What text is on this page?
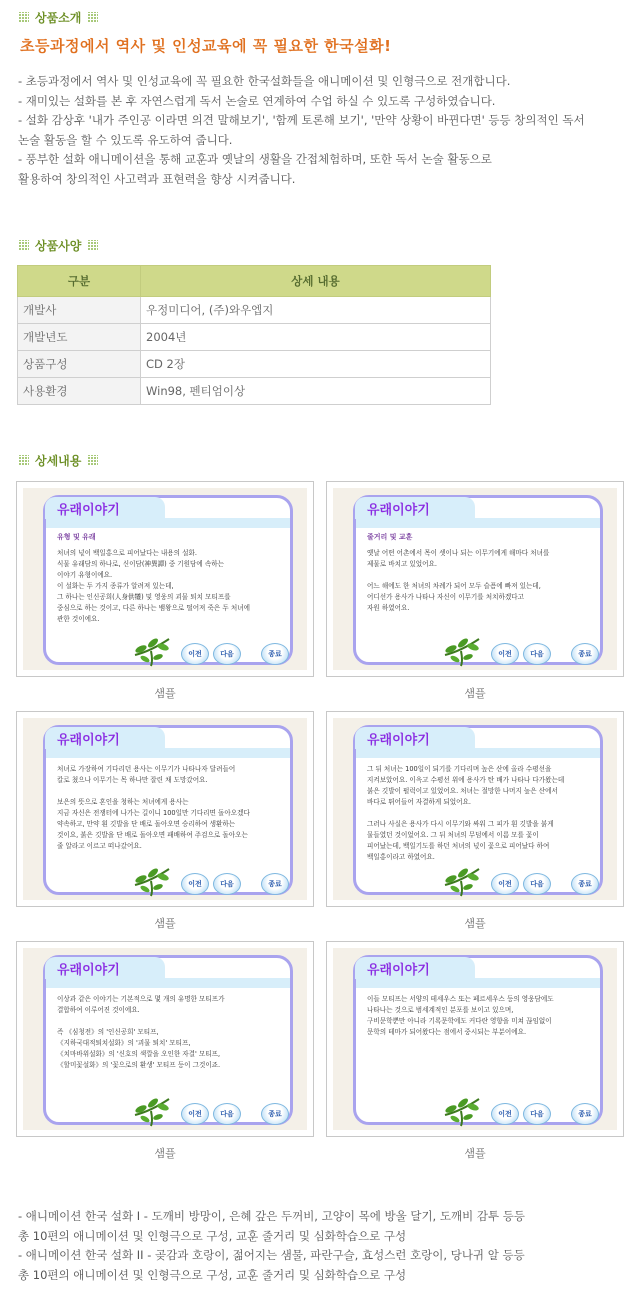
상품소개
초등과정에서 역사 및 인성교육에 꼭 필요한 한국설화!
- 초등과정에서 역사 및 인성교육에 꼭 필요한 한국설화들을 애니메이션 및 인형극으로 전개합니다.
- 재미있는 설화를 본 후 자연스럽게 독서 논술로 연계하여 수업 하실 수 있도록 구성하였습니다.
- 설화 감상후 '내가 주인공 이라면 의견 말해보기', '함께 토론해 보기', '만약 상황이 바뀐다면' 등등 창의적인 독서
논술 활동을 할 수 있도록 유도하여 줍니다.
- 풍부한 설화 애니메이션을 통해 교훈과 옛날의 생활을 간접체험하며, 또한 독서 논술 활동으로
활용하여 창의적인 사고력과 표현력을 향상 시켜줍니다.
상품사양
구분	상세 내용
개발사	우정미디어, (주)와우엡지
개발년도	2004년
상품구성	CD 2장
사용환경	Win98, 펜티엄이상
상세내용
유래이야기
유형 및 유래
처녀의 넋이 백일홍으로 피어났다는 내용의 설화.
식물 유래담의 하나로, 신이담(神異譚) 중 기원담에 속하는
이야기 유형이에요.
이 설화는 두 가지 종류가 알려져 있는데,
그 하나는 인신공희(人身供犧) 및 영웅의 괴물 퇴치 모티프를
중심으로 하는 것이고, 다른 하나는 뱀왕으로 떨어져 죽은 두 처녀에
관한 것이에요.
이전	다음	종료
샘플
유래이야기
줄거리 및 교훈
옛날 어떤 어촌에서 목이 셋이나 되는 이무기에게 해마다 처녀를
제물로 바치고 있었어요.

어느 해에도 한 처녀의 차례가 되어 모두 슬픔에 빠져 있는데,
어디선가 용사가 나타나 자신이 이무기를 처치하겠다고
자원 하였어요.
이전	다음	종료
샘플
유래이야기
처녀로 가장하여 기다리던 용사는 이무기가 나타나자 달려들어
칼로 쳤으나 이무기는 목 하나만 잘린 채 도망갔어요.

보은의 뜻으로 혼인을 청하는 처녀에게 용사는
지금 자신은 전쟁터에 나가는 길이니 100일만 기다리면 돌아오겠다
약속하고, 만약 흰 깃발을 단 배로 돌아오면 승리하여 생환하는
것이요, 붉은 깃발을 단 배로 돌아오면 패배하여 주검으로 돌아오는
줄 알라고 이르고 떠나갔어요.
이전	다음	종료
샘플
유래이야기
그 뒤 처녀는 100일이 되기를 기다리며 높은 산에 올라 수평선을
지켜보았어요. 이윽고 수평선 위에 용사가 탄 배가 나타나 다가왔는데
붉은 깃발이 펄럭이고 있었어요. 처녀는 절망한 나머지 높은 산에서
바다로 뛰어들어 자결하게 되었어요.

그러나 사실은 용사가 다시 이무기와 싸워 그 피가 흰 깃발을 붉게
물들였던 것이었어요. 그 뒤 처녀의 무덤에서 이름 모를 꽃이
피어났는데, 백일기도를 하던 처녀의 넋이 꽃으로 피어났다 하여
백일홍이라고 하였어요.
이전	다음	종료
샘플
유래이야기
이상과 같은 이야기는 기본적으로 몇 개의 유명한 모티프가
결합하여 이루어진 것이에요.

즉 《심청전》의 '인신공희' 모티프,
《지하국대적퇴치설화》의 '괴물 퇴치' 모티프,
《치마바위설화》의 '신호의 색깔을 오인한 자결' 모티프,
《할미꽃설화》의 '꽃으로의 환생' 모티프 등이 그것이죠.
이전	다음	종료
샘플
유래이야기
이들 모티프는 서양의 테세우스 또는 페르세우스 등의 영웅담에도
나타나는 것으로 범세계적인 분포를 보이고 있으며,
구비문학뿐만 아니라 기록문학에도 커다란 영향을 미쳐 끊임없이
문학의 테마가 되어왔다는 점에서 중시되는 부분이에요.
이전	다음	종료
샘플
- 애니메이션 한국 설화 I - 도깨비 방망이, 은혜 갚은 두꺼비, 고양이 목에 방울 달기, 도깨비 감투 등등
총 10편의 애니메이션 및 인형극으로 구성, 교훈 줄거리 및 심화학습으로 구성
- 애니메이션 한국 설화 II - 곶감과 호랑이, 젊어지는 샘물, 파란구슬, 효성스런 호랑이, 당나귀 알 등등
총 10편의 애니메이션 및 인형극으로 구성, 교훈 줄거리 및 심화학습으로 구성
